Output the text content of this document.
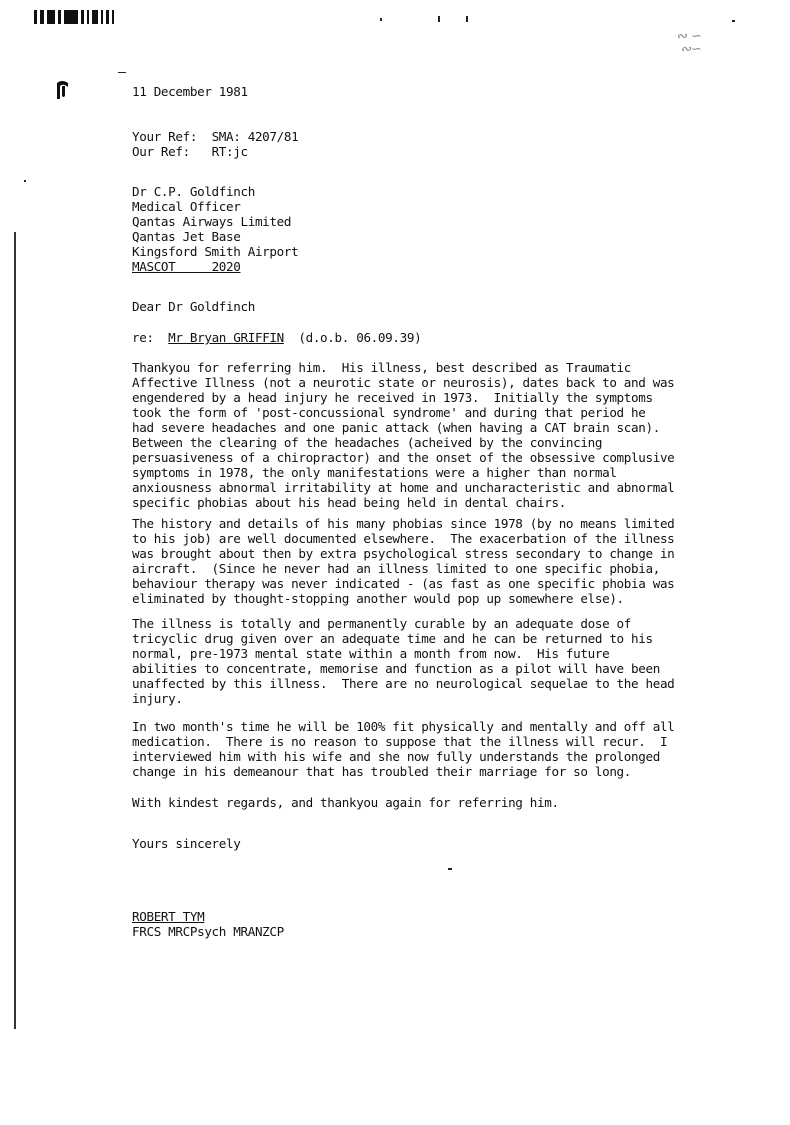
∾ ∽
∾∽
11 December 1981
Your Ref: SMA: 4207/81
Our Ref: RT:jc
Dr C.P. Goldfinch
Medical Officer
Qantas Airways Limited
Qantas Jet Base
Kingsford Smith Airport
MASCOT	2020
Dear Dr Goldfinch
re: Mr Bryan GRIFFIN (d.o.b. 06.09.39)
Thankyou for referring him.  His illness, best described as Traumatic
Affective Illness (not a neurotic state or neurosis), dates back to and was
engendered by a head injury he received in 1973.  Initially the symptoms
took the form of 'post-concussional syndrome' and during that period he
had severe headaches and one panic attack (when having a CAT brain scan).
Between the clearing of the headaches (acheived by the convincing
persuasiveness of a chiropractor) and the onset of the obsessive complusive
symptoms in 1978, the only manifestations were a higher than normal
anxiousness abnormal irritability at home and uncharacteristic and abnormal
specific phobias about his head being held in dental chairs.
The history and details of his many phobias since 1978 (by no means limited
to his job) are well documented elsewhere.  The exacerbation of the illness
was brought about then by extra psychological stress secondary to change in
aircraft.  (Since he never had an illness limited to one specific phobia,
behaviour therapy was never indicated - (as fast as one specific phobia was
eliminated by thought-stopping another would pop up somewhere else).
The illness is totally and permanently curable by an adequate dose of
tricyclic drug given over an adequate time and he can be returned to his
normal, pre-1973 mental state within a month from now.  His future
abilities to concentrate, memorise and function as a pilot will have been
unaffected by this illness.  There are no neurological sequelae to the head
injury.
In two month's time he will be 100% fit physically and mentally and off all
medication.  There is no reason to suppose that the illness will recur.  I
interviewed him with his wife and she now fully understands the prolonged
change in his demeanour that has troubled their marriage for so long.
With kindest regards, and thankyou again for referring him.
Yours sincerely
ROBERT TYM
FRCS MRCPsych MRANZCP
